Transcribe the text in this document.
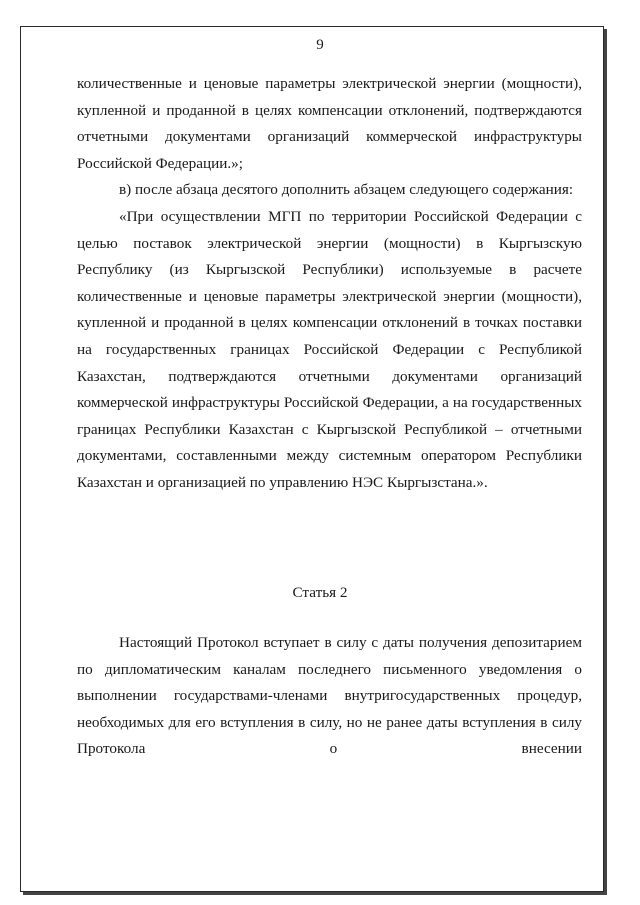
9

количественные и ценовые параметры электрической энергии (мощности), купленной и проданной в целях компенсации отклонений, подтверждаются отчетными документами организаций коммерческой инфраструктуры Российской Федерации.»;

в) после абзаца десятого дополнить абзацем следующего содержания:

«При осуществлении МГП по территории Российской Федерации с целью поставок электрической энергии (мощности) в Кыргызскую Республику (из Кыргызской Республики) используемые в расчете количественные и ценовые параметры электрической энергии (мощности), купленной и проданной в целях компенсации отклонений в точках поставки на государственных границах Российской Федерации с Республикой Казахстан, подтверждаются отчетными документами организаций коммерческой инфраструктуры Российской Федерации, а на государственных границах Республики Казахстан с Кыргызской Республикой – отчетными документами, составленными между системным оператором Республики Казахстан и организацией по управлению НЭС Кыргызстана.».

Статья 2

Настоящий Протокол вступает в силу с даты получения депозитарием по дипломатическим каналам последнего письменного уведомления о выполнении государствами-членами внутригосударственных процедур, необходимых для его вступления в силу, но не ранее даты вступления в силу Протокола о внесении
